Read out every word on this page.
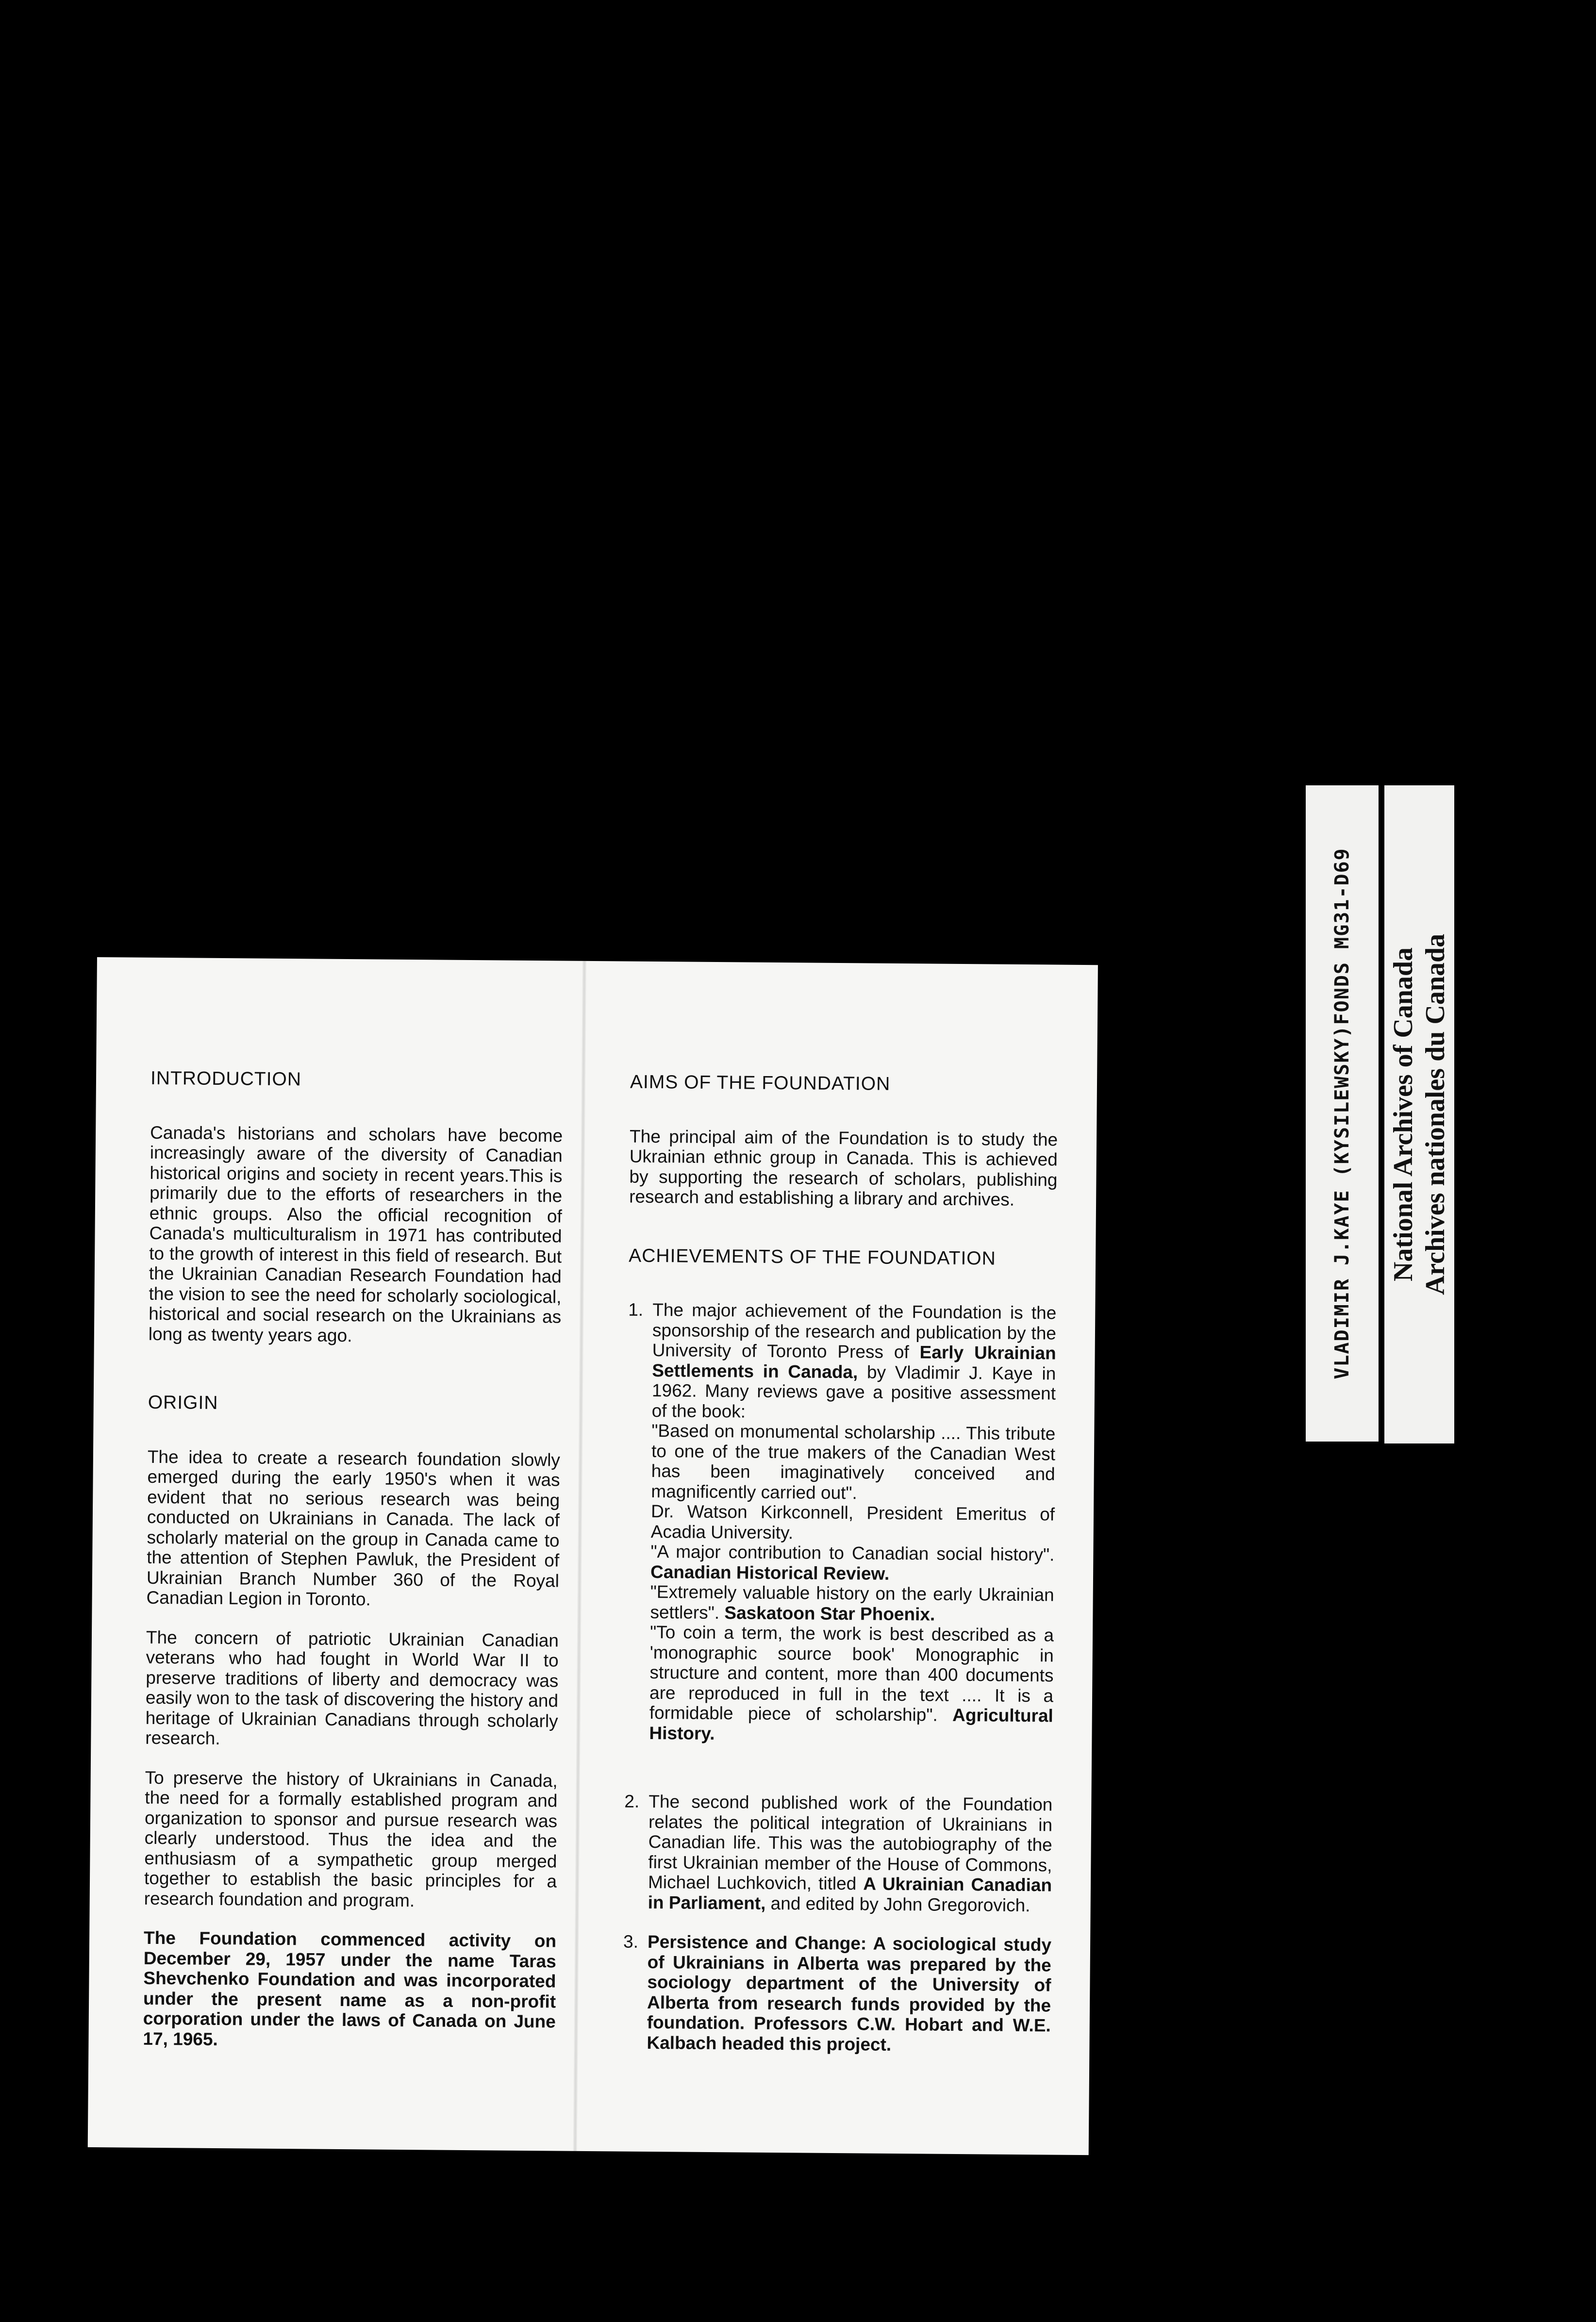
INTRODUCTION

Canada's historians and scholars have become increasingly aware of the diversity of Canadian historical origins and society in recent years.This is primarily due to the efforts of researchers in the ethnic groups. Also the official recognition of Canada's multiculturalism in 1971 has contributed to the growth of interest in this field of research. But the Ukrainian Canadian Research Foundation had the vision to see the need for scholarly sociological, historical and social research on the Ukrainians as long as twenty years ago.

ORIGIN

The idea to create a research foundation slowly emerged during the early 1950's when it was evident that no serious research was being conducted on Ukrainians in Canada. The lack of scholarly material on the group in Canada came to the attention of Stephen Pawluk, the President of Ukrainian Branch Number 360 of the Royal Canadian Legion in Toronto.

The concern of patriotic Ukrainian Canadian veterans who had fought in World War II to preserve traditions of liberty and democracy was easily won to the task of discovering the history and heritage of Ukrainian Canadians through scholarly research.

To preserve the history of Ukrainians in Canada, the need for a formally established program and organization to sponsor and pursue research was clearly understood. Thus the idea and the enthusiasm of a sympathetic group merged together to establish the basic principles for a research foundation and program.

The Foundation commenced activity on December 29, 1957 under the name Taras Shevchenko Foundation and was incorporated under the present name as a non-profit corporation under the laws of Canada on June 17, 1965.

AIMS OF THE FOUNDATION

The principal aim of the Foundation is to study the Ukrainian ethnic group in Canada. This is achieved by supporting the research of scholars, publishing research and establishing a library and archives.

ACHIEVEMENTS OF THE FOUNDATION
1. The major achievement of the Foundation is the sponsorship of the research and publication by the University of Toronto Press of Early Ukrainian Settlements in Canada, by Vladimir J. Kaye in 1962. Many reviews gave a positive assessment of the book:
"Based on monumental scholarship .... This tribute to one of the true makers of the Canadian West has been imaginatively conceived and magnificently carried out".
Dr. Watson Kirkconnell, President Emeritus of Acadia University.
"A major contribution to Canadian social history". Canadian Historical Review.
"Extremely valuable history on the early Ukrainian settlers". Saskatoon Star Phoenix.
"To coin a term, the work is best described as a 'monographic source book' Monographic in structure and content, more than 400 documents are reproduced in full in the text .... It is a formidable piece of scholarship". Agricultural History.
2. The second published work of the Foundation relates the political integration of Ukrainians in Canadian life. This was the autobiography of the first Ukrainian member of the House of Commons, Michael Luchkovich, titled A Ukrainian Canadian in Parliament, and edited by John Gregorovich.
3. Persistence and Change: A sociological study of Ukrainians in Alberta was prepared by the sociology department of the University of Alberta from research funds provided by the foundation. Professors C.W. Hobart and W.E. Kalbach headed this project.
VLADIMIR J.KAYE (KYSILEWSKY)FONDS MG31-D69 National Archives of Canada Archives nationales du Canada
